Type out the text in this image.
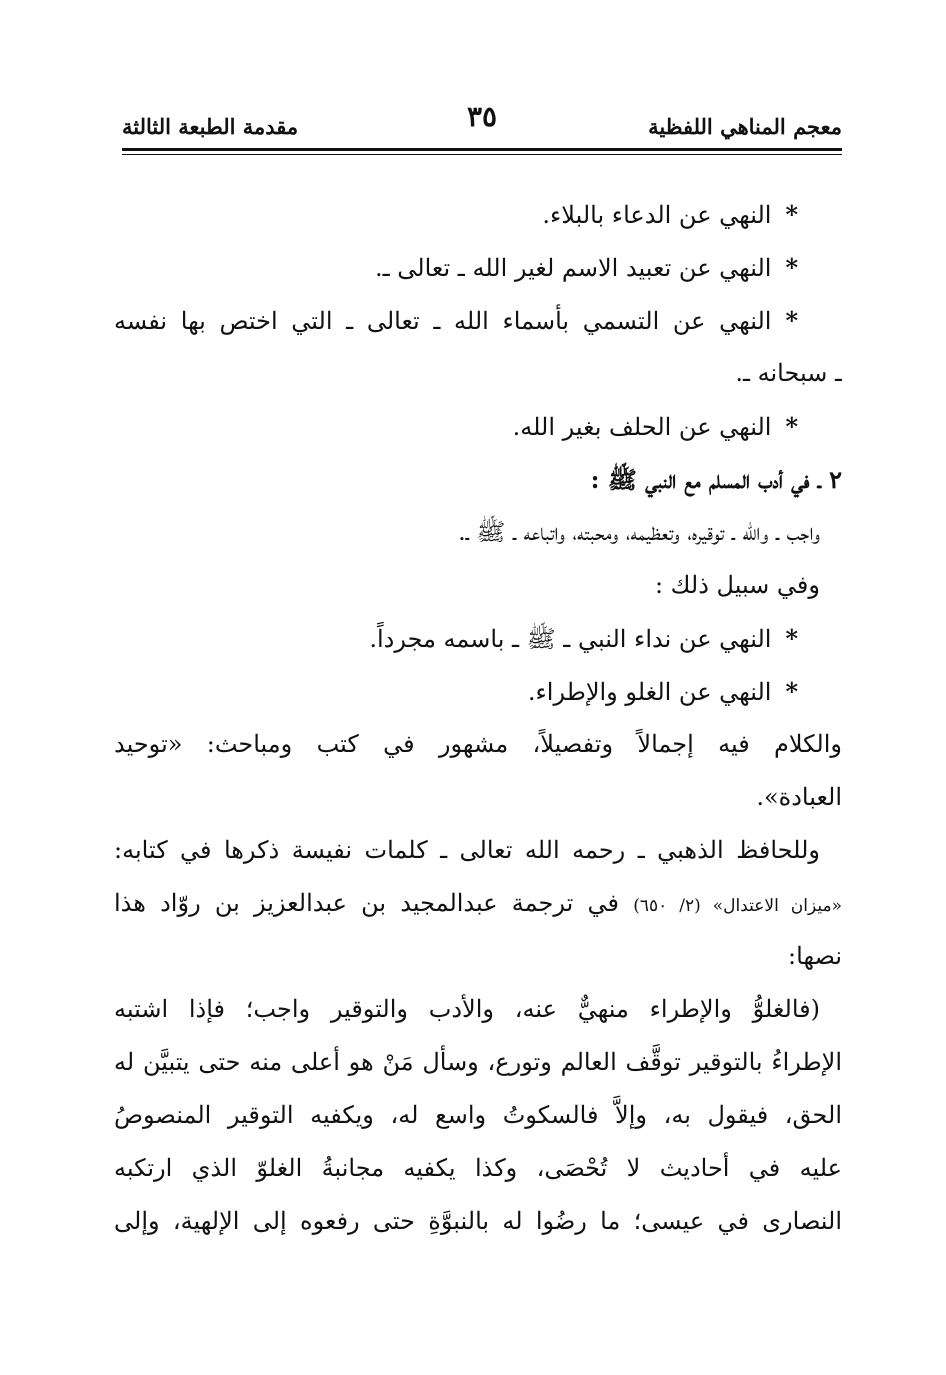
معجم المناهي اللفظية
٣٥
مقدمة الطبعة الثالثة
*النهي عن الدعاء بالبلاء.
*النهي عن تعبيد الاسم لغير الله ـ تعالى ـ.
*النهي عن التسمي بأسماء الله ـ تعالى ـ التي اختص بها نفسه
ـ سبحانه ـ.
*النهي عن الحلف بغير الله.
٢ ـ في أدب المسلم مع النبي ﷺ :
واجب ـ والله ـ توقيره، وتعظيمه، ومحبته، واتباعه ـ ﷺ ـ.
وفي سبيل ذلك :
*النهي عن نداء النبي ـ ﷺ ـ باسمه مجرداً.
*النهي عن الغلو والإطراء.
والكلام فيه إجمالاً وتفصيلاً، مشهور في كتب ومباحث: «توحيد
العبادة».
وللحافظ الذهبي ـ رحمه الله تعالى ـ كلمات نفيسة ذكرها في كتابه:
«ميزان الاعتدال» (٢/ ٦٥٠) في ترجمة عبدالمجيد بن عبدالعزيز بن روّاد هذا
نصها:
(فالغلوُّ والإطراء منهيٌّ عنه، والأدب والتوقير واجب؛ فإذا اشتبه
الإطراءُ بالتوقير توقَّف العالم وتورع، وسأل مَنْ هو أعلى منه حتى يتبيَّن له
الحق، فيقول به، وإلاَّ فالسكوتُ واسع له، ويكفيه التوقير المنصوصُ
عليه في أحاديث لا تُحْصَى، وكذا يكفيه مجانبةُ الغلوّ الذي ارتكبه
النصارى في عيسى؛ ما رضُوا له بالنبوَّةِ حتى رفعوه إلى الإلهية، وإلى
